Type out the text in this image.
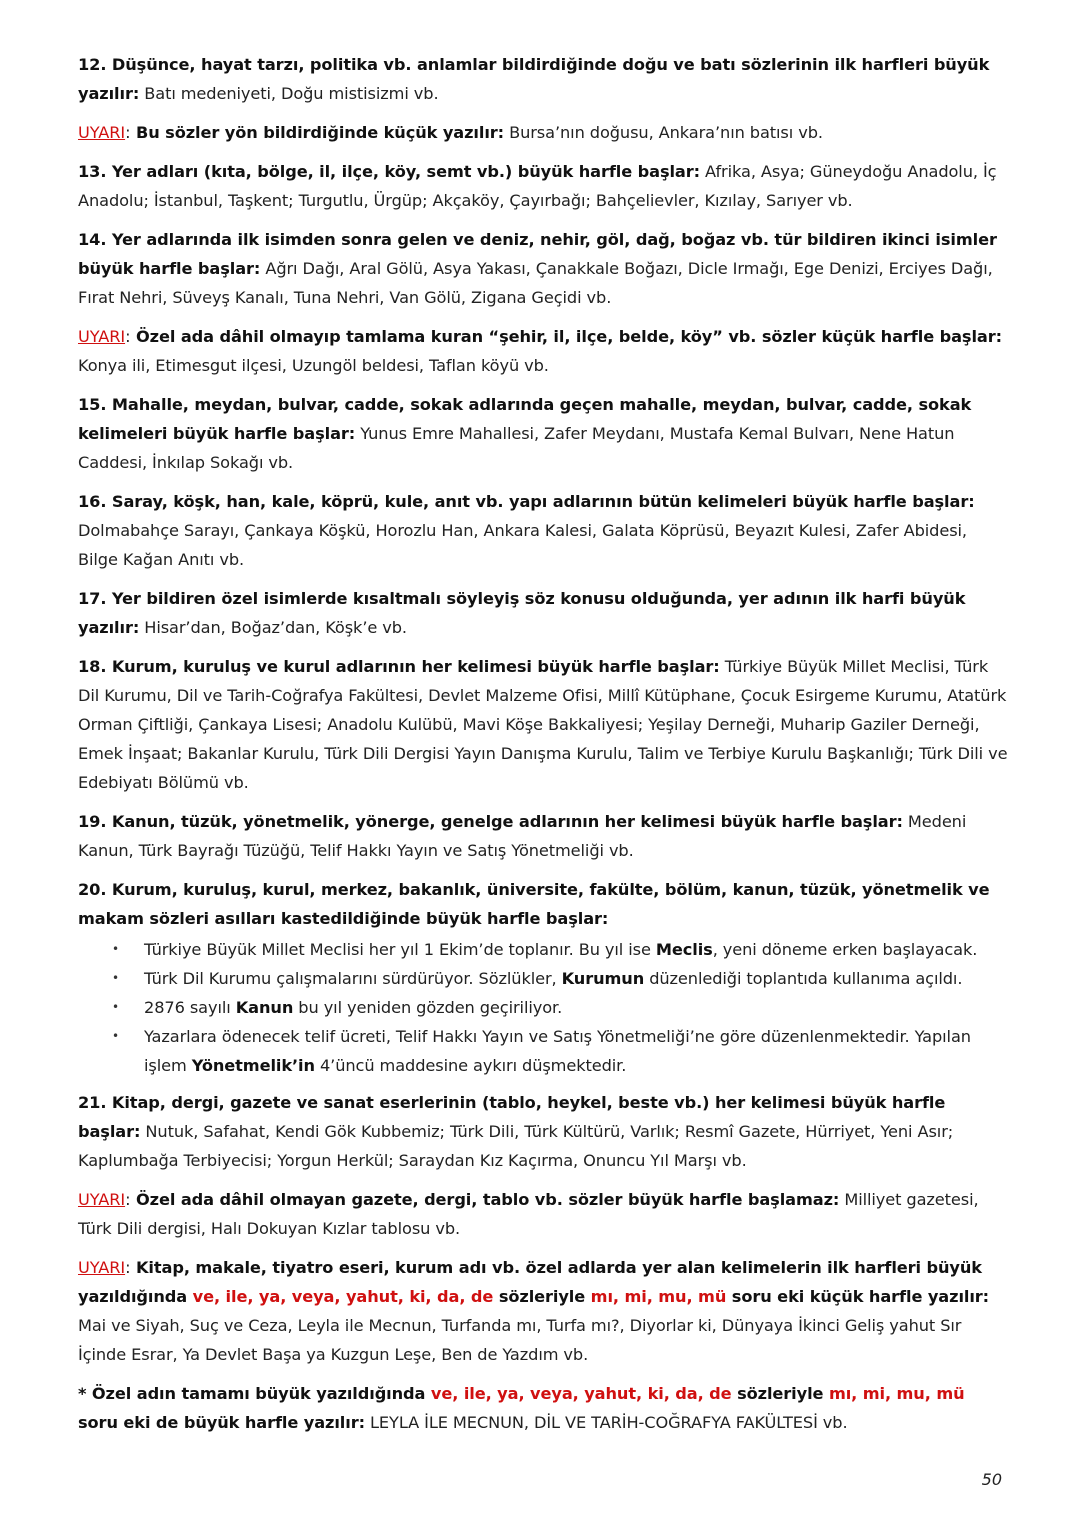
12. Düşünce, hayat tarzı, politika vb. anlamlar bildirdiğinde doğu ve batı sözlerinin ilk harfleri büyük yazılır: Batı medeniyeti, Doğu mistisizmi vb.

UYARI: Bu sözler yön bildirdiğinde küçük yazılır: Bursa’nın doğusu, Ankara’nın batısı vb.

13. Yer adları (kıta, bölge, il, ilçe, köy, semt vb.) büyük harfle başlar: Afrika, Asya; Güneydoğu Anadolu, İç Anadolu; İstanbul, Taşkent; Turgutlu, Ürgüp; Akçaköy, Çayırbağı; Bahçelievler, Kızılay, Sarıyer vb.

14. Yer adlarında ilk isimden sonra gelen ve deniz, nehir, göl, dağ, boğaz vb. tür bildiren ikinci isimler büyük harfle başlar: Ağrı Dağı, Aral Gölü, Asya Yakası, Çanakkale Boğazı, Dicle Irmağı, Ege Denizi, Erciyes Dağı, Fırat Nehri, Süveyş Kanalı, Tuna Nehri, Van Gölü, Zigana Geçidi vb.

UYARI: Özel ada dâhil olmayıp tamlama kuran “şehir, il, ilçe, belde, köy” vb. sözler küçük harfle başlar: Konya ili, Etimesgut ilçesi, Uzungöl beldesi, Taflan köyü vb.

15. Mahalle, meydan, bulvar, cadde, sokak adlarında geçen mahalle, meydan, bulvar, cadde, sokak kelimeleri büyük harfle başlar: Yunus Emre Mahallesi, Zafer Meydanı, Mustafa Kemal Bulvarı, Nene Hatun Caddesi, İnkılap Sokağı vb.

16. Saray, köşk, han, kale, köprü, kule, anıt vb. yapı adlarının bütün kelimeleri büyük harfle başlar: Dolmabahçe Sarayı, Çankaya Köşkü, Horozlu Han, Ankara Kalesi, Galata Köprüsü, Beyazıt Kulesi, Zafer Abidesi, Bilge Kağan Anıtı vb.

17. Yer bildiren özel isimlerde kısaltmalı söyleyiş söz konusu olduğunda, yer adının ilk harfi büyük yazılır: Hisar’dan, Boğaz’dan, Köşk’e vb.

18. Kurum, kuruluş ve kurul adlarının her kelimesi büyük harfle başlar: Türkiye Büyük Millet Meclisi, Türk Dil Kurumu, Dil ve Tarih-Coğrafya Fakültesi, Devlet Malzeme Ofisi, Millî Kütüphane, Çocuk Esirgeme Kurumu, Atatürk Orman Çiftliği, Çankaya Lisesi; Anadolu Kulübü, Mavi Köşe Bakkaliyesi; Yeşilay Derneği, Muharip Gaziler Derneği, Emek İnşaat; Bakanlar Kurulu, Türk Dili Dergisi Yayın Danışma Kurulu, Talim ve Terbiye Kurulu Başkanlığı; Türk Dili ve Edebiyatı Bölümü vb.

19. Kanun, tüzük, yönetmelik, yönerge, genelge adlarının her kelimesi büyük harfle başlar: Medeni Kanun, Türk Bayrağı Tüzüğü, Telif Hakkı Yayın ve Satış Yönetmeliği vb.

20. Kurum, kuruluş, kurul, merkez, bakanlık, üniversite, fakülte, bölüm, kanun, tüzük, yönetmelik ve makam sözleri asılları kastedildiğinde büyük harfle başlar:

• Türkiye Büyük Millet Meclisi her yıl 1 Ekim’de toplanır. Bu yıl ise Meclis, yeni döneme erken başlayacak.
• Türk Dil Kurumu çalışmalarını sürdürüyor. Sözlükler, Kurumun düzenlediği toplantıda kullanıma açıldı.
• 2876 sayılı Kanun bu yıl yeniden gözden geçiriliyor.
• Yazarlara ödenecek telif ücreti, Telif Hakkı Yayın ve Satış Yönetmeliği’ne göre düzenlenmektedir. Yapılan işlem Yönetmelik’in 4’üncü maddesine aykırı düşmektedir.

21. Kitap, dergi, gazete ve sanat eserlerinin (tablo, heykel, beste vb.) her kelimesi büyük harfle başlar: Nutuk, Safahat, Kendi Gök Kubbemiz; Türk Dili, Türk Kültürü, Varlık; Resmî Gazete, Hürriyet, Yeni Asır; Kaplumbağa Terbiyecisi; Yorgun Herkül; Saraydan Kız Kaçırma, Onuncu Yıl Marşı vb.

UYARI: Özel ada dâhil olmayan gazete, dergi, tablo vb. sözler büyük harfle başlamaz: Milliyet gazetesi, Türk Dili dergisi, Halı Dokuyan Kızlar tablosu vb.

UYARI: Kitap, makale, tiyatro eseri, kurum adı vb. özel adlarda yer alan kelimelerin ilk harfleri büyük yazıldığında ve, ile, ya, veya, yahut, ki, da, de sözleriyle mı, mi, mu, mü soru eki küçük harfle yazılır: Mai ve Siyah, Suç ve Ceza, Leyla ile Mecnun, Turfanda mı, Turfa mı?, Diyorlar ki, Dünyaya İkinci Geliş yahut Sır İçinde Esrar, Ya Devlet Başa ya Kuzgun Leşe, Ben de Yazdım vb.

* Özel adın tamamı büyük yazıldığında ve, ile, ya, veya, yahut, ki, da, de sözleriyle mı, mi, mu, mü soru eki de büyük harfle yazılır: LEYLA İLE MECNUN, DİL VE TARİH-COĞRAFYA FAKÜLTESİ vb.

50
